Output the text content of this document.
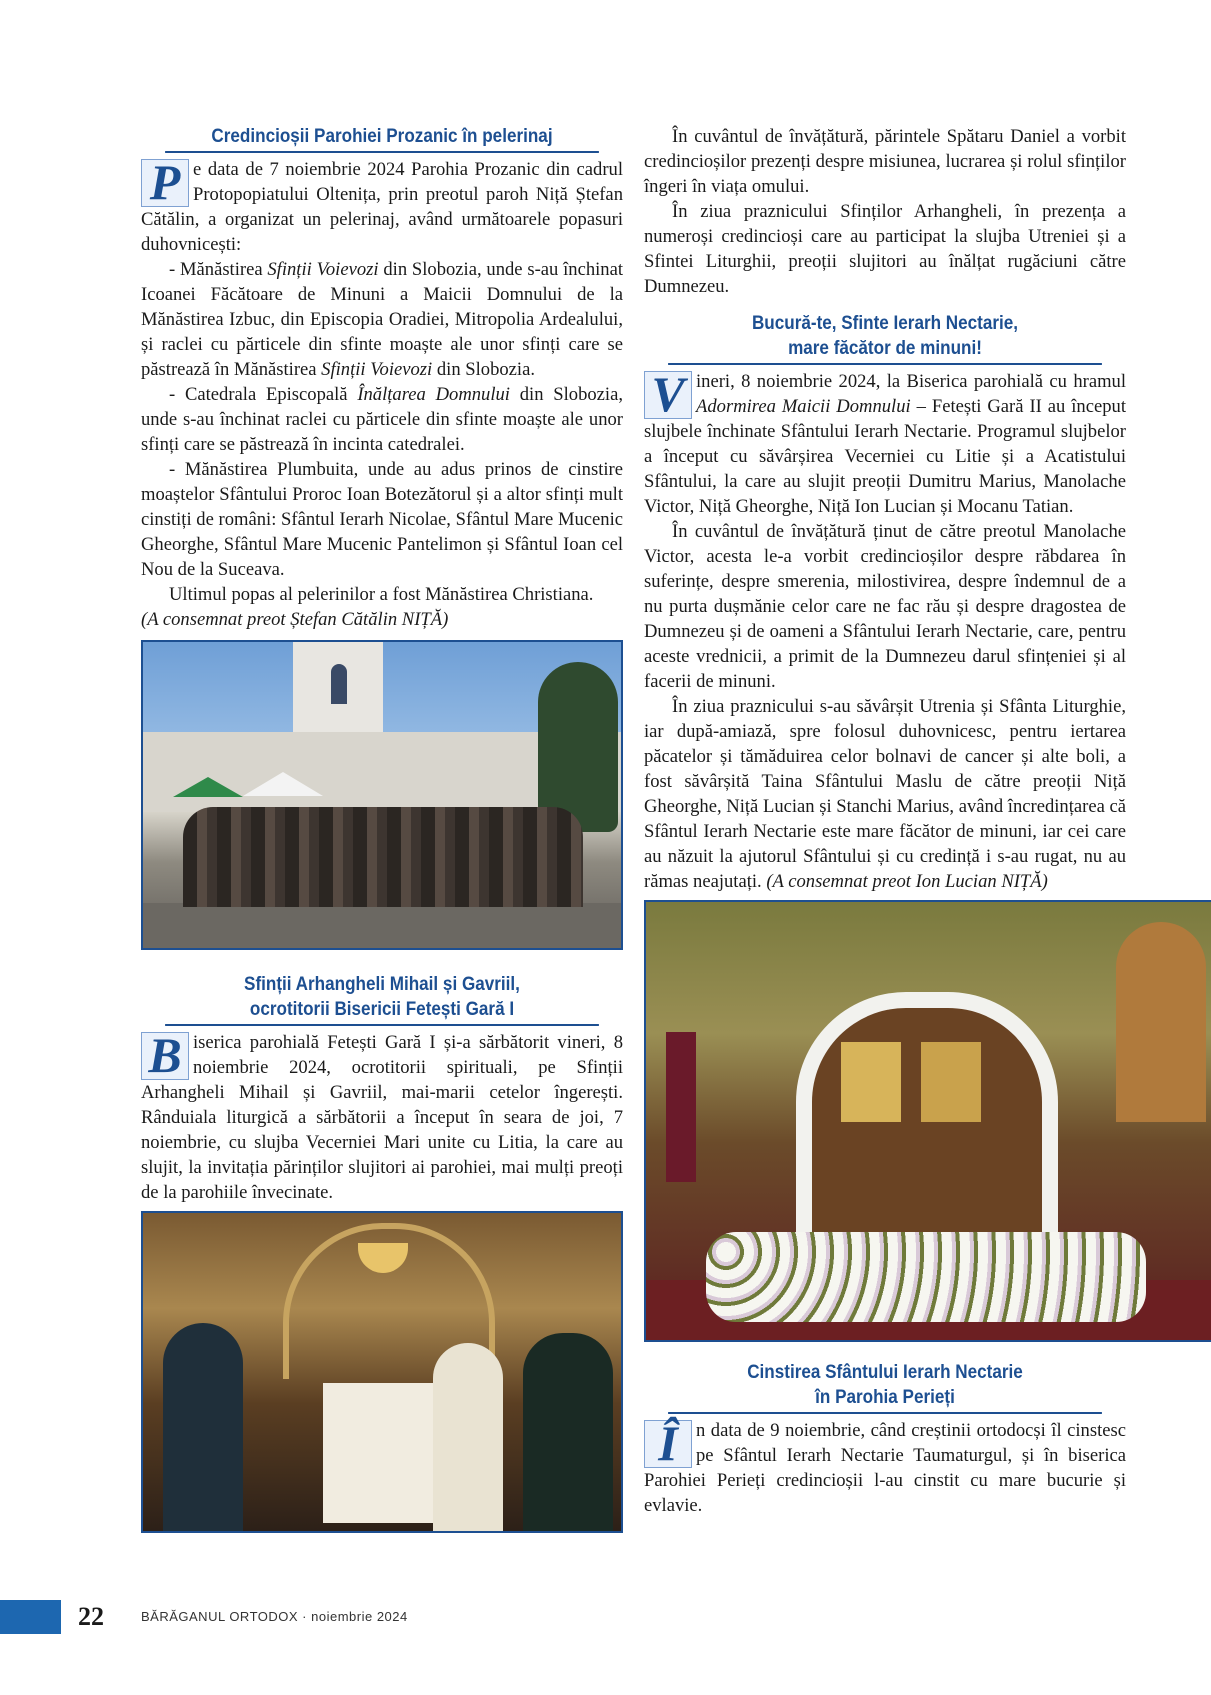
Credincioșii Parohiei Prozanic în pelerinaj

P e data de 7 noiembrie 2024 Parohia Prozanic din cadrul Protopopiatului Oltenița, prin preotul paroh Niță Ștefan Cătălin, a organizat un pelerinaj, având următoarele popasuri duhovnicești:

- Mănăstirea Sfinții Voievozi din Slobozia, unde s-au închinat Icoanei Făcătoare de Minuni a Maicii Domnului de la Mănăstirea Izbuc, din Episcopia Oradiei, Mitropolia Ardealului, și raclei cu părticele din sfinte moaște ale unor sfinți care se păstrează în Mănăstirea Sfinții Voievozi din Slobozia.

- Catedrala Episcopală Înălțarea Domnului din Slobozia, unde s-au închinat raclei cu părticele din sfinte moaște ale unor sfinți care se păstrează în incinta catedralei.

- Mănăstirea Plumbuita, unde au adus prinos de cinstire moaștelor Sfântului Proroc Ioan Botezătorul și a altor sfinți mult cinstiți de români: Sfântul Ierarh Nicolae, Sfântul Mare Mucenic Gheorghe, Sfântul Mare Mucenic Pantelimon și Sfântul Ioan cel Nou de la Suceava.

Ultimul popas al pelerinilor a fost Mănăstirea Christiana.

(A consemnat preot Ștefan Cătălin NIȚĂ)

Sfinții Arhangheli Mihail și Gavriil,
ocrotitorii Bisericii Fetești Gară I

B iserica parohială Fetești Gară I și-a sărbătorit vineri, 8 noiembrie 2024, ocrotitorii spirituali, pe Sfinții Arhangheli Mihail și Gavriil, mai-marii cetelor îngerești. Rânduiala liturgică a sărbătorii a început în seara de joi, 7 noiembrie, cu slujba Vecerniei Mari unite cu Litia, la care au slujit, la invitația părinților slujitori ai parohiei, mai mulți preoți de la parohiile învecinate.

În cuvântul de învățătură, părintele Spătaru Daniel a vorbit credincioșilor prezenți despre misiunea, lucrarea și rolul sfinților îngeri în viața omului.

În ziua praznicului Sfinților Arhangheli, în prezența a numeroși credincioși care au participat la slujba Utreniei și a Sfintei Liturghii, preoții slujitori au înălțat rugăciuni către Dumnezeu.

Bucură-te, Sfinte Ierarh Nectarie,
mare făcător de minuni!

V ineri, 8 noiembrie 2024, la Biserica parohială cu hramul Adormirea Maicii Domnului – Fetești Gară II au început slujbele închinate Sfântului Ierarh Nectarie. Programul slujbelor a început cu săvârșirea Vecerniei cu Litie și a Acatistului Sfântului, la care au slujit preoții Dumitru Marius, Manolache Victor, Niță Gheorghe, Niță Ion Lucian și Mocanu Tatian.

În cuvântul de învățătură ținut de către preotul Manolache Victor, acesta le-a vorbit credincioșilor despre răbdarea în suferințe, despre smerenia, milostivirea, despre îndemnul de a nu purta dușmănie celor care ne fac rău și despre dragostea de Dumnezeu și de oameni a Sfântului Ierarh Nectarie, care, pentru aceste vrednicii, a primit de la Dumnezeu darul sfințeniei și al facerii de minuni.

În ziua praznicului s-au săvârșit Utrenia și Sfânta Liturghie, iar după-amiază, spre folosul duhovnicesc, pentru iertarea păcatelor și tămăduirea celor bolnavi de cancer și alte boli, a fost săvârșită Taina Sfântului Maslu de către preoții Niță Gheorghe, Niță Lucian și Stanchi Marius, având încredințarea că Sfântul Ierarh Nectarie este mare făcător de minuni, iar cei care au năzuit la ajutorul Sfântului și cu credință i s-au rugat, nu au rămas neajutați. (A consemnat preot Ion Lucian NIȚĂ)

Cinstirea Sfântului Ierarh Nectarie
în Parohia Perieți

Î n data de 9 noiembrie, când creștinii ortodocși îl cinstesc pe Sfântul Ierarh Nectarie Taumaturgul, și în biserica Parohiei Perieți credincioșii l-au cinstit cu mare bucurie și evlavie.

22	BĂRĂGANUL ORTODOX · noiembrie 2024
